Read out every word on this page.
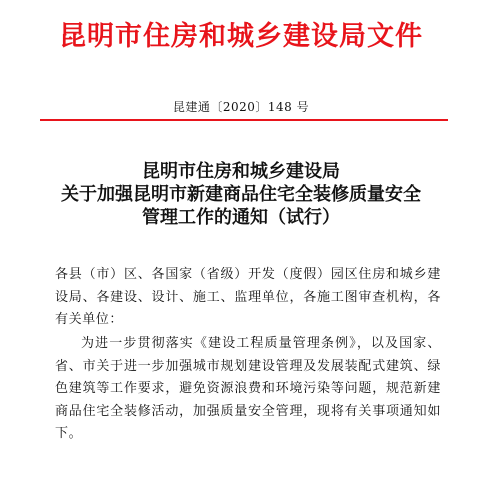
昆明市住房和城乡建设局文件
昆建通〔2020〕148 号
昆明市住房和城乡建设局
关于加强昆明市新建商品住宅全装修质量安全
管理工作的通知（试行）
各县（市）区、各国家（省级）开发（度假）园区住房和城乡建设局、各建设、设计、施工、监理单位，各施工图审查机构，各有关单位：
为进一步贯彻落实《建设工程质量管理条例》，以及国家、省、市关于进一步加强城市规划建设管理及发展装配式建筑、绿色建筑等工作要求，避免资源浪费和环境污染等问题，规范新建商品住宅全装修活动，加强质量安全管理，现将有关事项通知如下。
